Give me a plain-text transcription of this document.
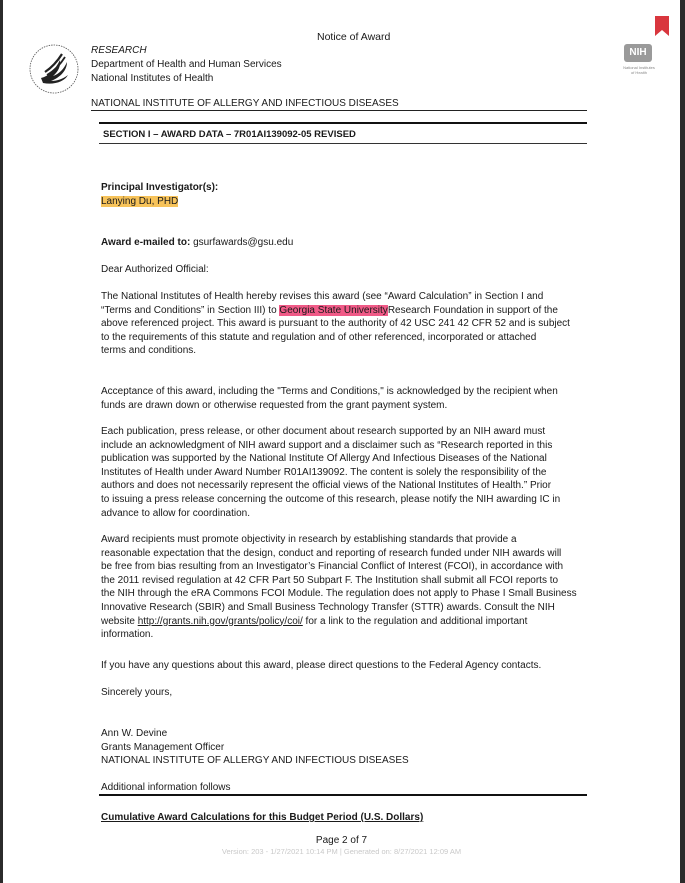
Notice of Award
RESEARCH
Department of Health and Human Services
National Institutes of Health
NIH
National Institutes
of Health
NATIONAL INSTITUTE OF ALLERGY AND INFECTIOUS DISEASES
SECTION I – AWARD DATA – 7R01AI139092-05 REVISED
Principal Investigator(s):
Lanying Du, PHD
Award e-mailed to: gsurfawards@gsu.edu
Dear Authorized Official:
The National Institutes of Health hereby revises this award (see “Award Calculation” in Section I and
“Terms and Conditions” in Section III) to Georgia State UniversityResearch Foundation in support of the
above referenced project. This award is pursuant to the authority of 42 USC 241 42 CFR 52 and is subject
to the requirements of this statute and regulation and of other referenced, incorporated or attached
terms and conditions.
Acceptance of this award, including the "Terms and Conditions," is acknowledged by the recipient when
funds are drawn down or otherwise requested from the grant payment system.
Each publication, press release, or other document about research supported by an NIH award must
include an acknowledgment of NIH award support and a disclaimer such as “Research reported in this
publication was supported by the National Institute Of Allergy And Infectious Diseases of the National
Institutes of Health under Award Number R01AI139092. The content is solely the responsibility of the
authors and does not necessarily represent the official views of the National Institutes of Health.” Prior
to issuing a press release concerning the outcome of this research, please notify the NIH awarding IC in
advance to allow for coordination.
Award recipients must promote objectivity in research by establishing standards that provide a
reasonable expectation that the design, conduct and reporting of research funded under NIH awards will
be free from bias resulting from an Investigator’s Financial Conflict of Interest (FCOI), in accordance with
the 2011 revised regulation at 42 CFR Part 50 Subpart F. The Institution shall submit all FCOI reports to
the NIH through the eRA Commons FCOI Module. The regulation does not apply to Phase I Small Business
Innovative Research (SBIR) and Small Business Technology Transfer (STTR) awards. Consult the NIH
website http://grants.nih.gov/grants/policy/coi/ for a link to the regulation and additional important
information.
If you have any questions about this award, please direct questions to the Federal Agency contacts.
Sincerely yours,
Ann W. Devine
Grants Management Officer
NATIONAL INSTITUTE OF ALLERGY AND INFECTIOUS DISEASES
Additional information follows
Cumulative Award Calculations for this Budget Period (U.S. Dollars)
Page 2 of 7
Version: 203 - 1/27/2021 10:14 PM | Generated on: 8/27/2021 12:09 AM
